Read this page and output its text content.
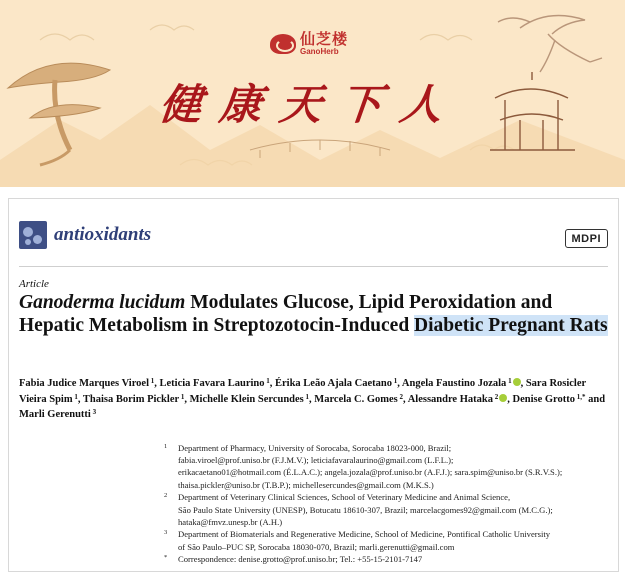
仙芝楼
GanoHerb
健康天下人
antioxidants	MDPI
Article
Ganoderma lucidum Modulates Glucose, Lipid Peroxidation and Hepatic Metabolism in Streptozotocin-Induced Diabetic Pregnant Rats
Fabia Judice Marques Viroel $^1$, Leticia Favara Laurino $^1$, Érika Leão Ajala Caetano $^1$, Angela Faustino Jozala $^1$ , Sara Rosicler Vieira Spim $^1$, Thaisa Borim Pickler $^1$, Michelle Klein Sercundes $^1$, Marcela C. Gomes $^2$, Alessandre Hataka $^2$ , Denise Grotto $^{1,*}$ and Marli Gerenutti $^3$
1 Department of Pharmacy, University of Sorocaba, Sorocaba 18023-000, Brazil;
fabia.viroel@prof.uniso.br (F.J.M.V.); leticiafavaralaurino@gmail.com (L.F.L.);
erikacaetano01@hotmail.com (É.L.A.C.); angela.jozala@prof.uniso.br (A.F.J.); sara.spim@uniso.br (S.R.V.S.);
thaisa.pickler@uniso.br (T.B.P.); michellesercundes@gmail.com (M.K.S.)
2 Department of Veterinary Clinical Sciences, School of Veterinary Medicine and Animal Science,
São Paulo State University (UNESP), Botucatu 18610-307, Brazil; marcelacgomes92@gmail.com (M.C.G.);
hataka@fmvz.unesp.br (A.H.)
3 Department of Biomaterials and Regenerative Medicine, School of Medicine, Pontifical Catholic University
of São Paulo–PUC SP, Sorocaba 18030-070, Brazil; marli.gerenutti@gmail.com
* Correspondence: denise.grotto@prof.uniso.br; Tel.: +55-15-2101-7147
